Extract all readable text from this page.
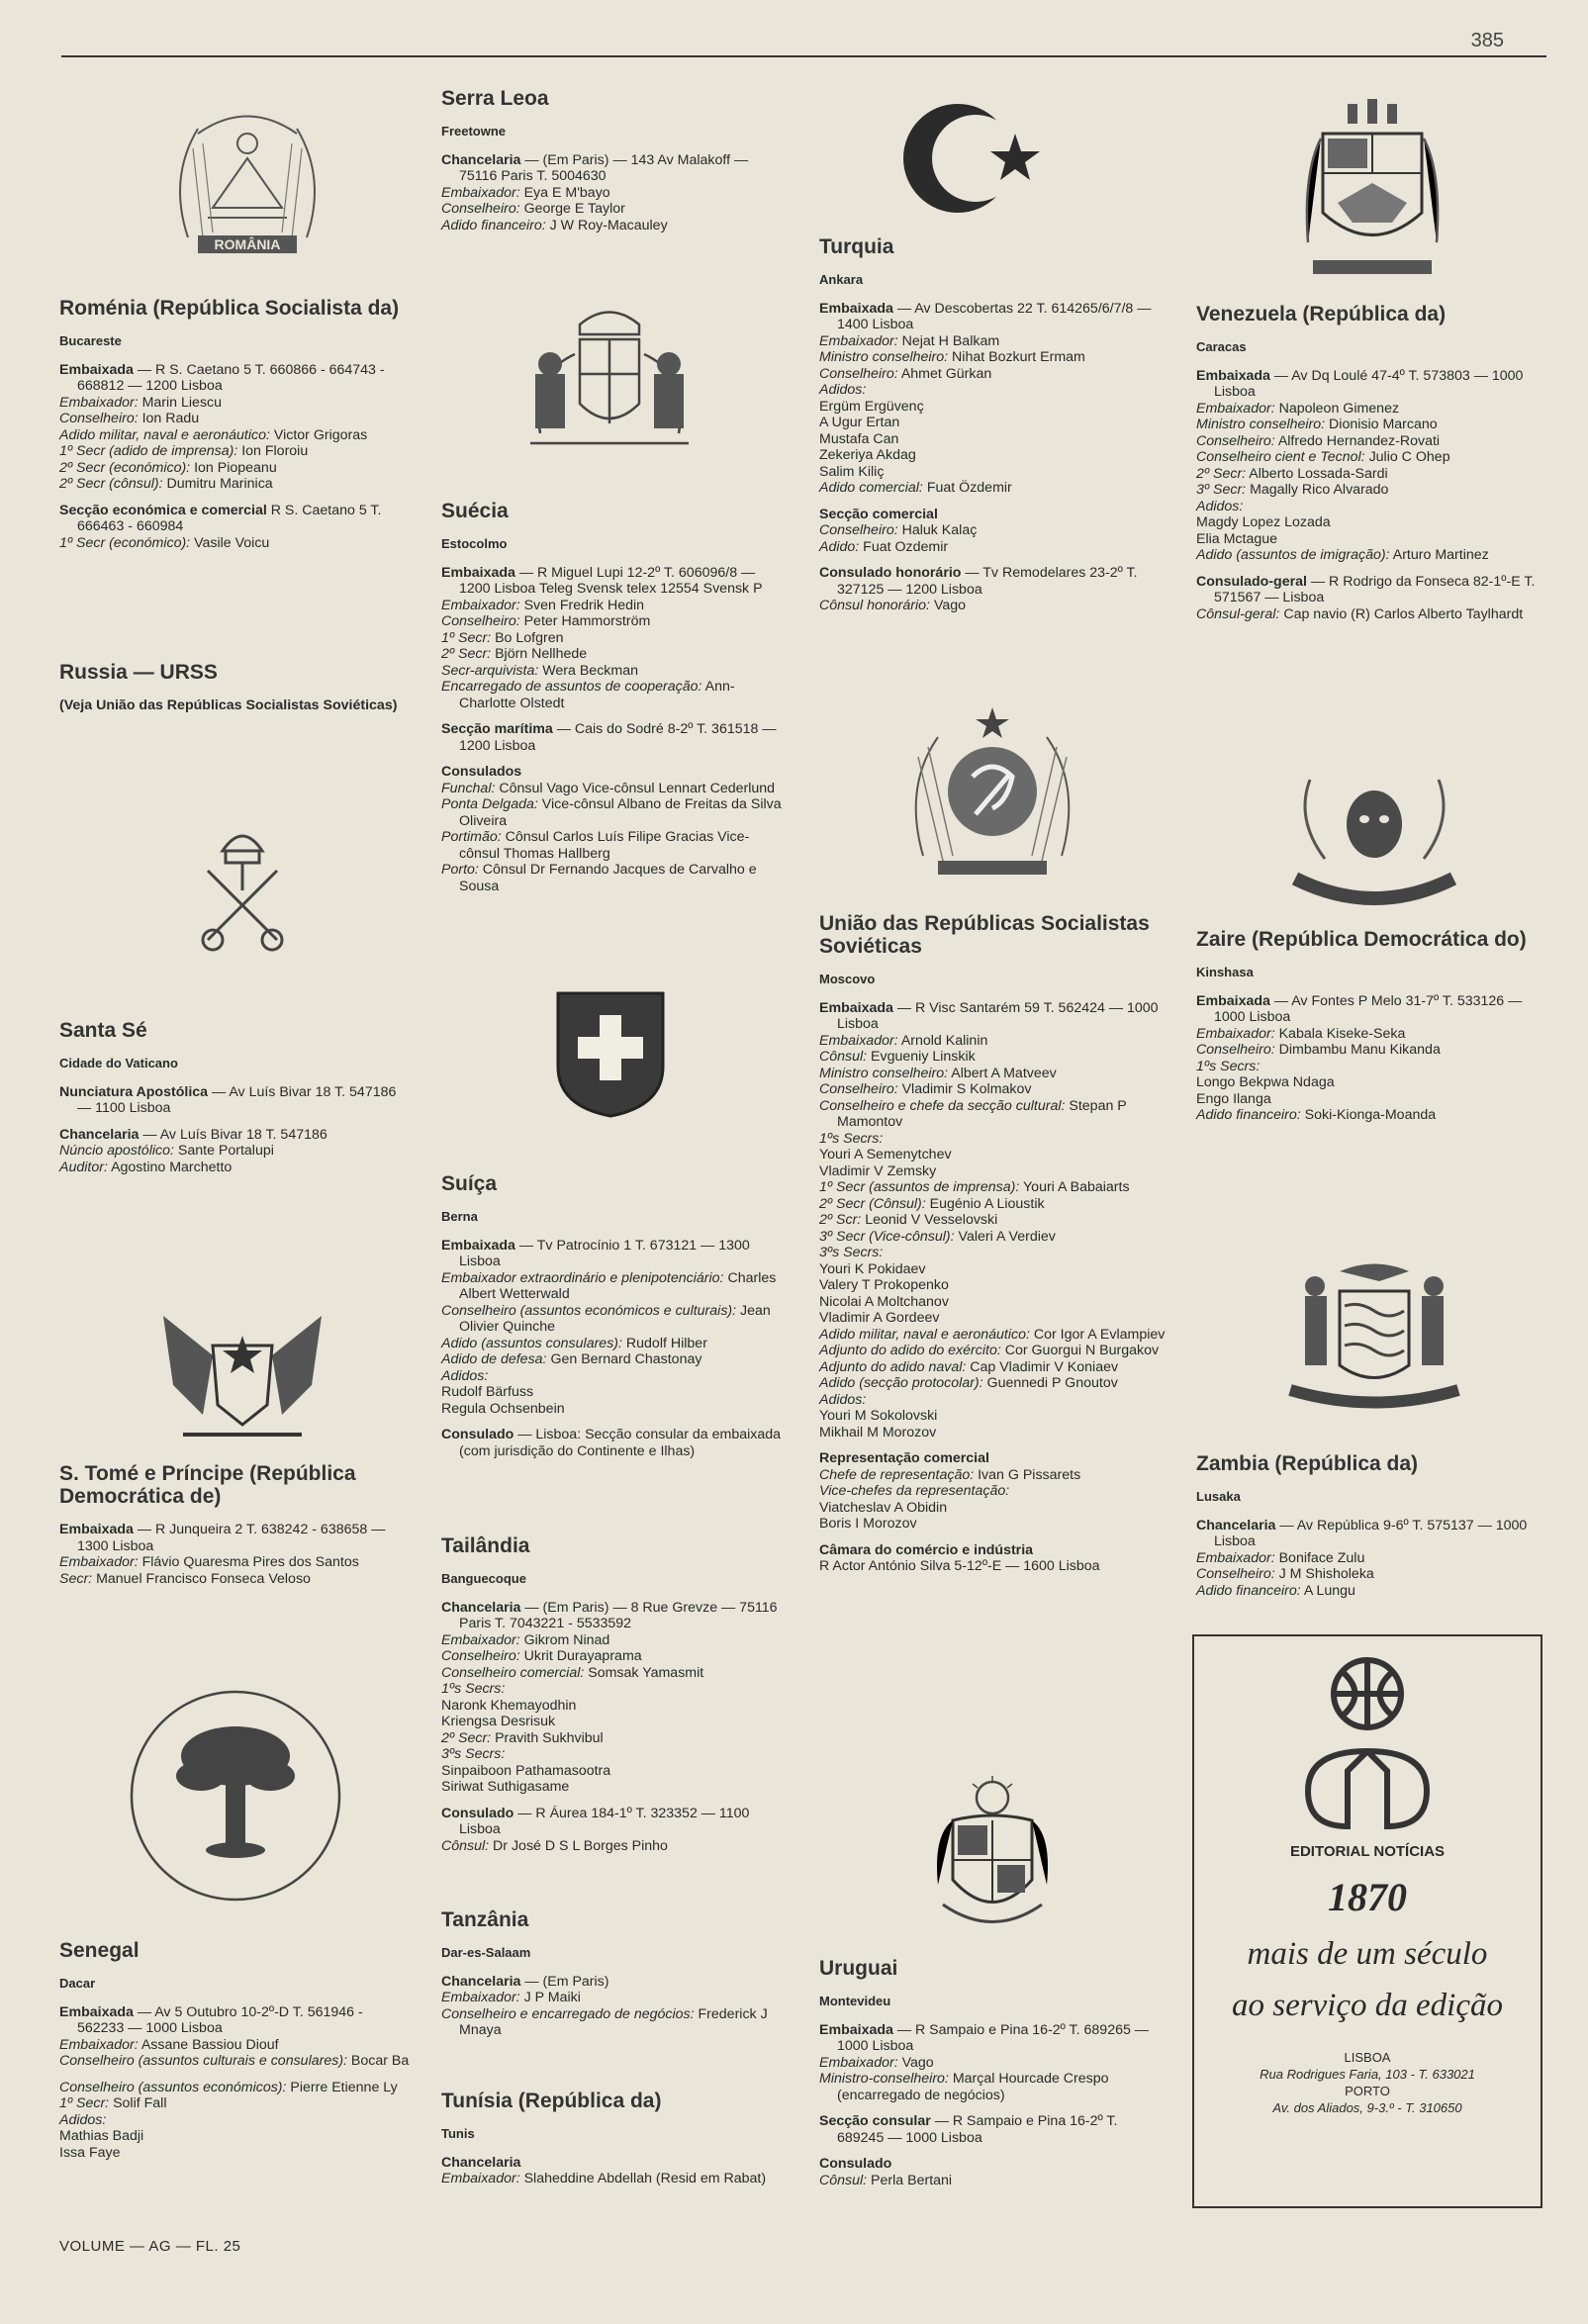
385
ROMÂNIA
Roménia (República Socialista da)
Bucareste

Embaixada — R S. Caetano 5 T. 660866 - 664743 - 668812 — 1200 Lisboa

Embaixador: Marin Liescu

Conselheiro: Ion Radu

Adido militar, naval e aeronáutico: Victor Grigoras

1º Secr (adido de imprensa): Ion Floroiu

2º Secr (económico): Ion Piopeanu

2º Secr (cônsul): Dumitru Marinica

Secção económica e comercial R S. Caetano 5 T. 666463 - 660984

1º Secr (económico): Vasile Voicu

Russia — URSS

(Veja União das Repúblicas Socialistas Soviéticas)

Santa Sé
Cidade do Vaticano

Nunciatura Apostólica — Av Luís Bivar 18 T. 547186 — 1100 Lisboa

Chancelaria — Av Luís Bivar 18 T. 547186

Núncio apostólico: Sante Portalupi

Auditor: Agostino Marchetto

S. Tomé e Príncipe (República Democrática de)

Embaixada — R Junqueira 2 T. 638242 - 638658 — 1300 Lisboa

Embaixador: Flávio Quaresma Pires dos Santos

Secr: Manuel Francisco Fonseca Veloso

Senegal
Dacar

Embaixada — Av 5 Outubro 10-2º-D T. 561946 - 562233 — 1000 Lisboa

Embaixador: Assane Bassiou Diouf

Conselheiro (assuntos culturais e consulares): Bocar Ba

Conselheiro (assuntos económicos): Pierre Etienne Ly

1º Secr: Solif Fall

Adidos:

Mathias Badji

Issa Faye

Serra Leoa
Freetowne

Chancelaria — (Em Paris) — 143 Av Malakoff — 75116 Paris T. 5004630

Embaixador: Eya E M'bayo

Conselheiro: George E Taylor

Adido financeiro: J W Roy-Macauley

Suécia
Estocolmo

Embaixada — R Miguel Lupi 12-2º T. 606096/8 — 1200 Lisboa Teleg Svensk telex 12554 Svensk P

Embaixador: Sven Fredrik Hedin

Conselheiro: Peter Hammorström

1º Secr: Bo Lofgren

2º Secr: Björn Nellhede

Secr-arquivista: Wera Beckman

Encarregado de assuntos de cooperação: Ann-Charlotte Olstedt

Secção marítima — Cais do Sodré 8-2º T. 361518 — 1200 Lisboa

Consulados

Funchal: Cônsul Vago Vice-cônsul Lennart Cederlund

Ponta Delgada: Vice-cônsul Albano de Freitas da Silva Oliveira

Portimão: Cônsul Carlos Luís Filipe Gracias Vice-cônsul Thomas Hallberg

Porto: Cônsul Dr Fernando Jacques de Carvalho e Sousa

Suíça
Berna

Embaixada — Tv Patrocínio 1 T. 673121 — 1300 Lisboa

Embaixador extraordinário e plenipotenciário: Charles Albert Wetterwald

Conselheiro (assuntos económicos e culturais): Jean Olivier Quinche

Adido (assuntos consulares): Rudolf Hilber

Adido de defesa: Gen Bernard Chastonay

Adidos:

Rudolf Bärfuss

Regula Ochsenbein

Consulado — Lisboa: Secção consular da embaixada (com jurisdição do Continente e Ilhas)

Tailândia
Banguecoque

Chancelaria — (Em Paris) — 8 Rue Grevze — 75116 Paris T. 7043221 - 5533592

Embaixador: Gikrom Ninad

Conselheiro: Ukrit Durayaprama

Conselheiro comercial: Somsak Yamasmit

1ºs Secrs:

Naronk Khemayodhin

Kriengsa Desrisuk

2º Secr: Pravith Sukhvibul

3ºs Secrs:

Sinpaiboon Pathamasootra

Siriwat Suthigasame

Consulado — R Áurea 184-1º T. 323352 — 1100 Lisboa

Cônsul: Dr José D S L Borges Pinho

Tanzânia
Dar-es-Salaam

Chancelaria — (Em Paris)

Embaixador: J P Maiki

Conselheiro e encarregado de negócios: Frederick J Mnaya

Tunísia (República da)
Tunis

Chancelaria

Embaixador: Slaheddine Abdellah (Resid em Rabat)

Turquia
Ankara

Embaixada — Av Descobertas 22 T. 614265/6/7/8 — 1400 Lisboa

Embaixador: Nejat H Balkam

Ministro conselheiro: Nihat Bozkurt Ermam

Conselheiro: Ahmet Gürkan

Adidos:

Ergüm Ergüvenç

A Ugur Ertan

Mustafa Can

Zekeriya Akdag

Salim Kiliç

Adido comercial: Fuat Özdemir

Secção comercial

Conselheiro: Haluk Kalaç

Adido: Fuat Ozdemir

Consulado honorário — Tv Remodelares 23-2º T. 327125 — 1200 Lisboa

Cônsul honorário: Vago

União das Repúblicas Socialistas Soviéticas
Moscovo

Embaixada — R Visc Santarém 59 T. 562424 — 1000 Lisboa

Embaixador: Arnold Kalinin

Cônsul: Evgueniy Linskik

Ministro conselheiro: Albert A Matveev

Conselheiro: Vladimir S Kolmakov

Conselheiro e chefe da secção cultural: Stepan P Mamontov

1ºs Secrs:

Youri A Semenytchev

Vladimir V Zemsky

1º Secr (assuntos de imprensa): Youri A Babaiarts

2º Secr (Cônsul): Eugénio A Lioustik

2º Scr: Leonid V Vesselovski

3º Secr (Vice-cônsul): Valeri A Verdiev

3ºs Secrs:

Youri K Pokidaev

Valery T Prokopenko

Nicolai A Moltchanov

Vladimir A Gordeev

Adido militar, naval e aeronáutico: Cor Igor A Evlampiev

Adjunto do adido do exército: Cor Guorgui N Burgakov

Adjunto do adido naval: Cap Vladimir V Koniaev

Adido (secção protocolar): Guennedi P Gnoutov

Adidos:

Youri M Sokolovski

Mikhail M Morozov

Representação comercial

Chefe de representação: Ivan G Pissarets

Vice-chefes da representação:

Viatcheslav A Obidin

Boris I Morozov

Câmara do comércio e indústria

R Actor António Silva 5-12º-E — 1600 Lisboa

Uruguai
Montevideu

Embaixada — R Sampaio e Pina 16-2º T. 689265 — 1000 Lisboa

Embaixador: Vago

Ministro-conselheiro: Marçal Hourcade Crespo (encarregado de negócios)

Secção consular — R Sampaio e Pina 16-2º T. 689245 — 1000 Lisboa

Consulado

Cônsul: Perla Bertani

Venezuela (República da)
Caracas

Embaixada — Av Dq Loulé 47-4º T. 573803 — 1000 Lisboa

Embaixador: Napoleon Gimenez

Ministro conselheiro: Dionisio Marcano

Conselheiro: Alfredo Hernandez-Rovati

Conselheiro cient e Tecnol: Julio C Ohep

2º Secr: Alberto Lossada-Sardi

3º Secr: Magally Rico Alvarado

Adidos:

Magdy Lopez Lozada

Elia Mctague

Adido (assuntos de imigração): Arturo Martinez

Consulado-geral — R Rodrigo da Fonseca 82-1º-E T. 571567 — Lisboa

Cônsul-geral: Cap navio (R) Carlos Alberto Taylhardt

Zaire (República Democrática do)
Kinshasa

Embaixada — Av Fontes P Melo 31-7º T. 533126 — 1000 Lisboa

Embaixador: Kabala Kiseke-Seka

Conselheiro: Dimbambu Manu Kikanda

1ºs Secrs:

Longo Bekpwa Ndaga

Engo Ilanga

Adido financeiro: Soki-Kionga-Moanda

Zambia (República da)
Lusaka

Chancelaria — Av República 9-6º T. 575137 — 1000 Lisboa

Embaixador: Boniface Zulu

Conselheiro: J M Shisholeka

Adido financeiro: A Lungu

EDITORIAL NOTÍCIAS
1870
mais de um século
ao serviço da edição
LISBOA
Rua Rodrigues Faria, 103 - T. 633021
PORTO
Av. dos Aliados, 9-3.º - T. 310650
VOLUME — AG — FL. 25
